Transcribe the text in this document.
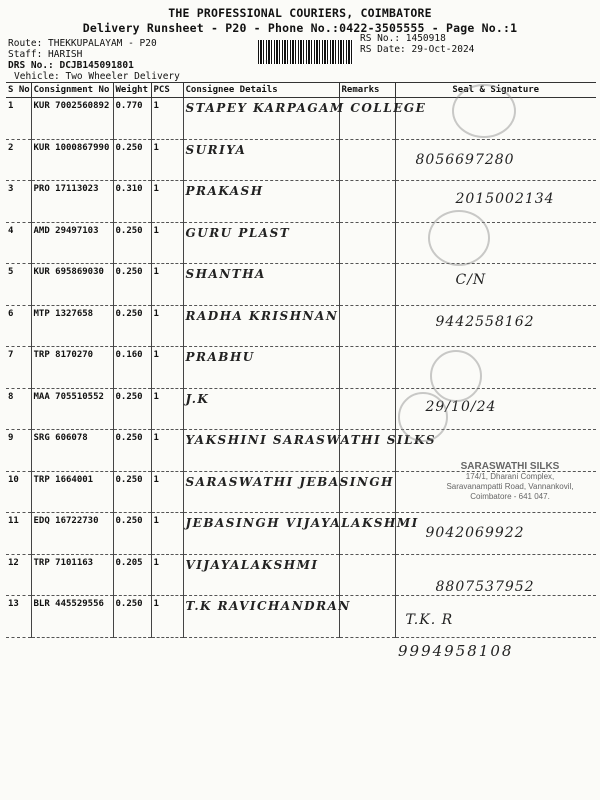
THE PROFESSIONAL COURIERS, COIMBATORE
Delivery Runsheet - P20 - Phone No.:0422-3505555 - Page No.:1
Route: THEKKUPALAYAM - P20
Staff: HARISH
DRS No.: DCJB145091801
Vehicle: Two Wheeler Delivery
RS No.: 1450918
RS Date: 29-Oct-2024
S No	Consignment No	Weight	PCS	Consignee Details	Remarks	Seal & Signature
1	KUR 7002560892	0.770	1	STAPEY KARPAGAM COLLEGE		

2	KUR 1000867990	0.250	1	SURIYA		8056697280

3	PRO 17113023	0.310	1	PRAKASH		2015002134

4	AMD 29497103	0.250	1	GURU PLAST		

5	KUR 695869030	0.250	1	SHANTHA		C/N

6	MTP 1327658	0.250	1	RADHA KRISHNAN		9442558162

7	TRP 8170270	0.160	1	PRABHU		

8	MAA 705510552	0.250	1	J.K		29/10/24

9	SRG 606078	0.250	1	YAKSHINI SARASWATHI SILKS		

10	TRP 1664001	0.250	1	SARASWATHI JEBASINGH		

11	EDQ 16722730	0.250	1	JEBASINGH VIJAYALAKSHMI		9042069922

12	TRP 7101163	0.205	1	VIJAYALAKSHMI		8807537952

13	BLR 445529556	0.250	1	T.K RAVICHANDRAN		T.K. R
SARASWATHI SILKS
174/1, Dharani Complex,
Saravanampatti Road, Vannankovil,
Coimbatore - 641 047.
9994958108
